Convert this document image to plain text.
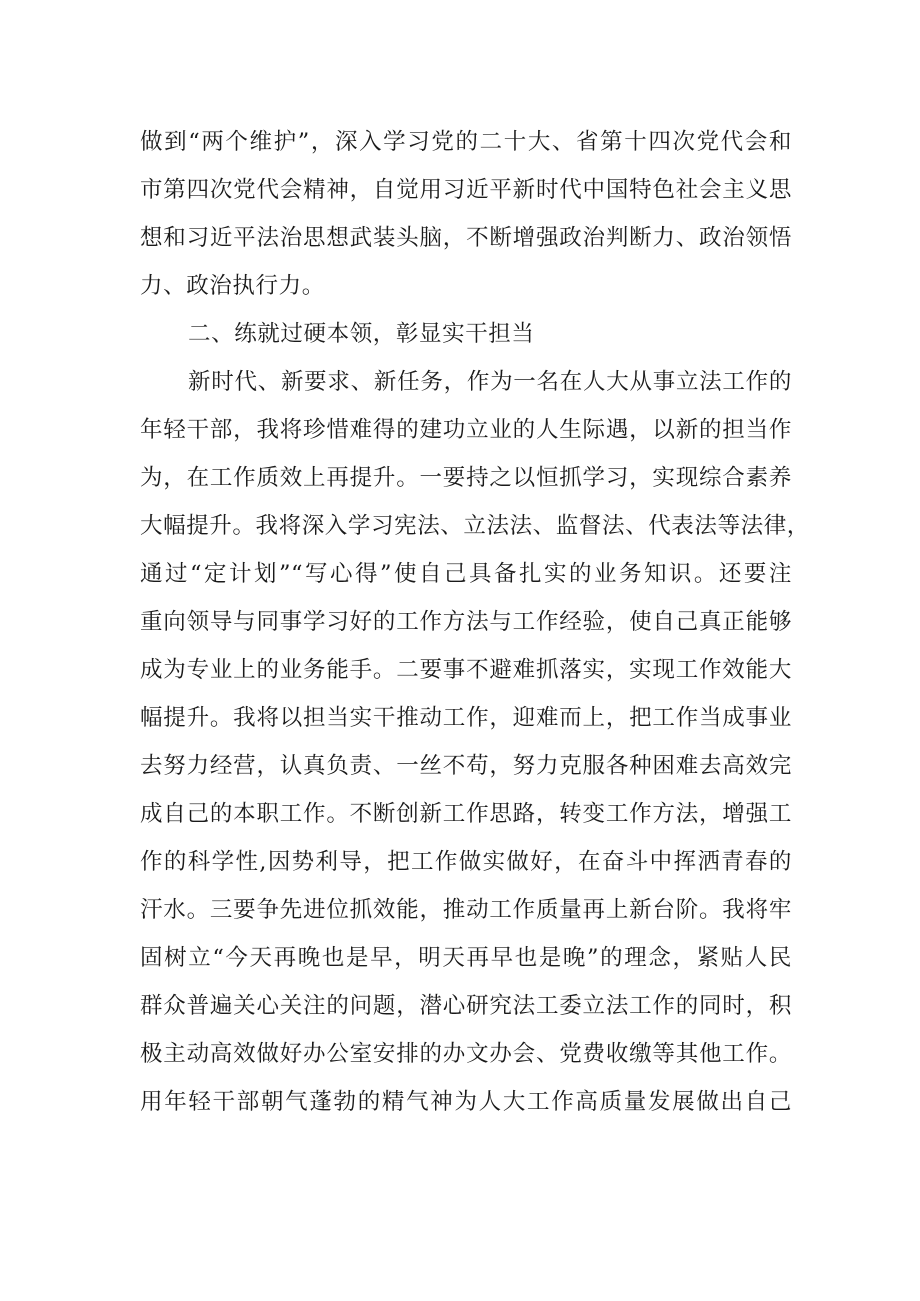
做到“两个维护”，深入学习党的二十大、省第十四次党代会和
市第四次党代会精神，自觉用习近平新时代中国特色社会主义思
想和习近平法治思想武装头脑，不断增强政治判断力、政治领悟
力、政治执行力。
二、练就过硬本领，彰显实干担当
新时代、新要求、新任务，作为一名在人大从事立法工作的
年轻干部，我将珍惜难得的建功立业的人生际遇，以新的担当作
为，在工作质效上再提升。一要持之以恒抓学习，实现综合素养
大幅提升。我将深入学习宪法、立法法、监督法、代表法等法律，
通过“定计划”“写心得”使自己具备扎实的业务知识。还要注
重向领导与同事学习好的工作方法与工作经验，使自己真正能够
成为专业上的业务能手。二要事不避难抓落实，实现工作效能大
幅提升。我将以担当实干推动工作，迎难而上，把工作当成事业
去努力经营，认真负责、一丝不苟，努力克服各种困难去高效完
成自己的本职工作。不断创新工作思路，转变工作方法，增强工
作的科学性,因势利导，把工作做实做好，在奋斗中挥洒青春的
汗水。三要争先进位抓效能，推动工作质量再上新台阶。我将牢
固树立“今天再晚也是早，明天再早也是晚”的理念，紧贴人民
群众普遍关心关注的问题，潜心研究法工委立法工作的同时，积
极主动高效做好办公室安排的办文办会、党费收缴等其他工作。
用年轻干部朝气蓬勃的精气神为人大工作高质量发展做出自己
